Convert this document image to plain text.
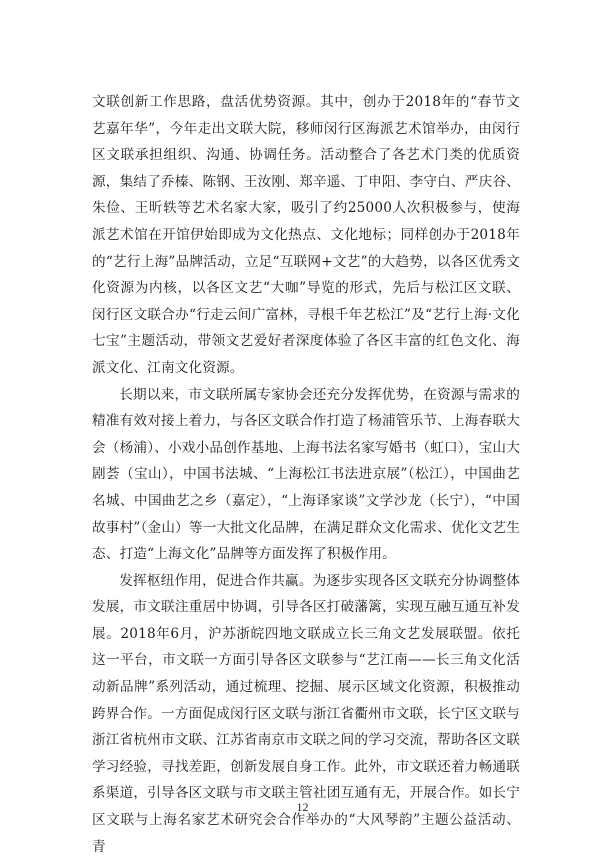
文联创新工作思路，盘活优势资源。其中，创办于2018年的“春节文艺嘉年华”，今年走出文联大院，移师闵行区海派艺术馆举办，由闵行区文联承担组织、沟通、协调任务。活动整合了各艺术门类的优质资源，集结了乔榛、陈钢、王汝刚、郑辛遥、丁申阳、李守白、严庆谷、朱俭、王昕轶等艺术名家大家，吸引了约25000人次积极参与，使海派艺术馆在开馆伊始即成为文化热点、文化地标；同样创办于2018年的“艺行上海”品牌活动，立足“互联网+文艺”的大趋势，以各区优秀文化资源为内核，以各区文艺“大咖”导览的形式，先后与松江区文联、闵行区文联合办“行走云间广富林，寻根千年艺松江”及“艺行上海·文化七宝”主题活动，带领文艺爱好者深度体验了各区丰富的红色文化、海派文化、江南文化资源。

长期以来，市文联所属专家协会还充分发挥优势，在资源与需求的精准有效对接上着力，与各区文联合作打造了杨浦管乐节、上海春联大会（杨浦）、小戏小品创作基地、上海书法名家写婚书（虹口），宝山大剧荟（宝山），中国书法城、“上海松江书法进京展”（松江），中国曲艺名城、中国曲艺之乡（嘉定），“上海译家谈”文学沙龙（长宁），“中国故事村”（金山）等一大批文化品牌，在满足群众文化需求、优化文艺生态、打造“上海文化”品牌等方面发挥了积极作用。

发挥枢纽作用，促进合作共赢。为逐步实现各区文联充分协调整体发展，市文联注重居中协调，引导各区打破藩篱，实现互融互通互补发展。2018年6月，沪苏浙皖四地文联成立长三角文艺发展联盟。依托这一平台，市文联一方面引导各区文联参与“艺江南——长三角文化活动新品牌”系列活动，通过梳理、挖掘、展示区域文化资源，积极推动跨界合作。一方面促成闵行区文联与浙江省衢州市文联，长宁区文联与浙江省杭州市文联、江苏省南京市文联之间的学习交流，帮助各区文联学习经验，寻找差距，创新发展自身工作。此外，市文联还着力畅通联系渠道，引导各区文联与市文联主管社团互通有无，开展合作。如长宁区文联与上海名家艺术研究会合作举办的“大风琴韵”主题公益活动、青

12
